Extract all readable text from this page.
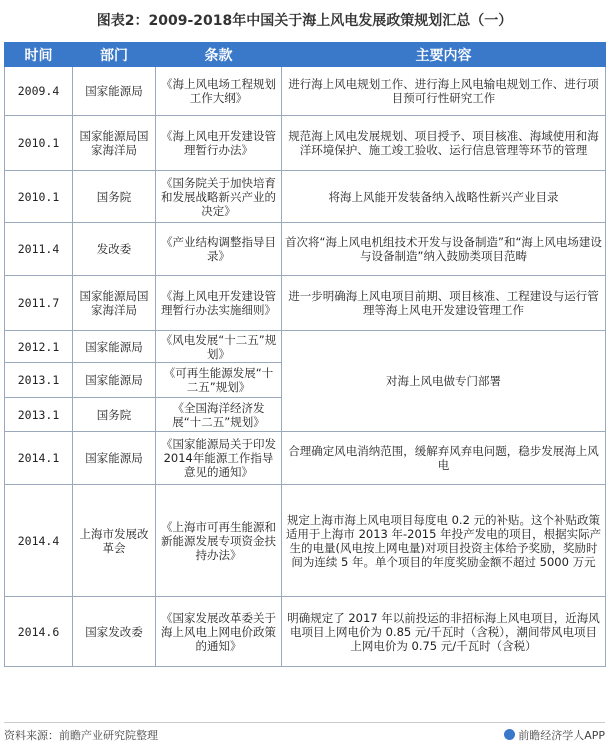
图表2：2009-2018年中国关于海上风电发展政策规划汇总（一）
时间	部门	条款	主要内容
2009.4	国家能源局	《海上风电场工程规划工作大纲》	进行海上风电规划工作、进行海上风电输电规划工作、进行项目预可行性研究工作
2010.1	国家能源局国家海洋局	《海上风电开发建设管理暂行办法》	规范海上风电发展规划、项目授予、项目核准、海域使用和海洋环境保护、施工竣工验收、运行信息管理等环节的管理
2010.1	国务院	《国务院关于加快培育和发展战略新兴产业的决定》	将海上风能开发装备纳入战略性新兴产业目录
2011.4	发改委	《产业结构调整指导目录》	首次将“海上风电机组技术开发与设备制造”和“海上风电场建设与设备制造”纳入鼓励类项目范畴
2011.7	国家能源局国家海洋局	《海上风电开发建设管理暂行办法实施细则》	进一步明确海上风电项目前期、项目核准、工程建设与运行管理等海上风电开发建设管理工作
2012.1	国家能源局	《风电发展“十二五”规划》	对海上风电做专门部署
2013.1	国家能源局	《可再生能源发展“十二五”规划》	
2013.1	国务院	《全国海洋经济发展“十二五”规划》	
2014.1	国家能源局	《国家能源局关于印发2014年能源工作指导意见的通知》	合理确定风电消纳范围，缓解弃风弃电问题，稳步发展海上风电
2014.4	上海市发展改革会	《上海市可再生能源和新能源发展专项资金扶持办法》	规定上海市海上风电项目每度电 0.2 元的补贴。这个补贴政策适用于上海市 2013 年-2015 年投产发电的项目，根据实际产生的电量(风电按上网电量)对项目投资主体给予奖励，奖励时间为连续 5 年。单个项目的年度奖励金额不超过 5000 万元
2014.6	国家发改委	《国家发展改革委关于海上风电上网电价政策的通知》	明确规定了 2017 年以前投运的非招标海上风电项目，近海风电项目上网电价为 0.85 元/千瓦时（含税），潮间带风电项目上网电价为 0.75 元/千瓦时（含税）
资料来源：前瞻产业研究院整理	前瞻经济学人APP
